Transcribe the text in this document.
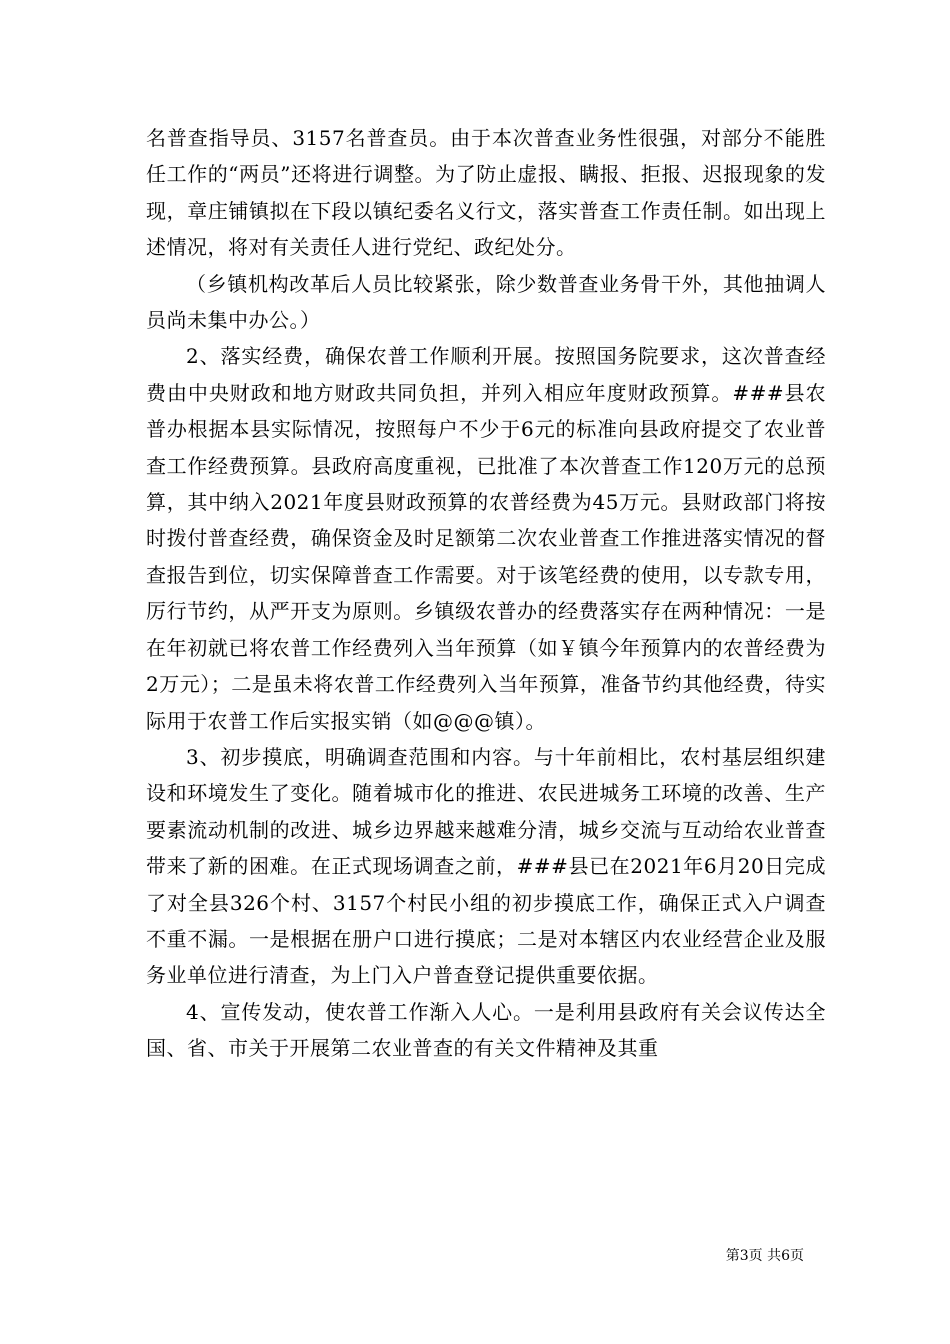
名普查指导员、3157名普查员。由于本次普查业务性很强，对部分不能胜任工作的“两员”还将进行调整。为了防止虚报、瞒报、拒报、迟报现象的发现，章庄铺镇拟在下段以镇纪委名义行文，落实普查工作责任制。如出现上述情况，将对有关责任人进行党纪、政纪处分。

（乡镇机构改革后人员比较紧张，除少数普查业务骨干外，其他抽调人员尚未集中办公。）

2、落实经费，确保农普工作顺利开展。按照国务院要求，这次普查经费由中央财政和地方财政共同负担，并列入相应年度财政预算。###县农普办根据本县实际情况，按照每户不少于6元的标准向县政府提交了农业普查工作经费预算。县政府高度重视，已批准了本次普查工作120万元的总预算，其中纳入2021年度县财政预算的农普经费为45万元。县财政部门将按时拨付普查经费，确保资金及时足额第二次农业普查工作推进落实情况的督查报告到位，切实保障普查工作需要。对于该笔经费的使用，以专款专用，厉行节约，从严开支为原则。乡镇级农普办的经费落实存在两种情况：一是在年初就已将农普工作经费列入当年预算（如￥镇今年预算内的农普经费为2万元）；二是虽未将农普工作经费列入当年预算，准备节约其他经费，待实际用于农普工作后实报实销（如@@@镇）。

3、初步摸底，明确调查范围和内容。与十年前相比，农村基层组织建设和环境发生了变化。随着城市化的推进、农民进城务工环境的改善、生产要素流动机制的改进、城乡边界越来越难分清，城乡交流与互动给农业普查带来了新的困难。在正式现场调查之前，###县已在2021年6月20日完成了对全县326个村、3157个村民小组的初步摸底工作，确保正式入户调查不重不漏。一是根据在册户口进行摸底；二是对本辖区内农业经营企业及服务业单位进行清查，为上门入户普查登记提供重要依据。

4、宣传发动，使农普工作渐入人心。一是利用县政府有关会议传达全国、省、市关于开展第二农业普查的有关文件精神及其重

第3页 共6页
